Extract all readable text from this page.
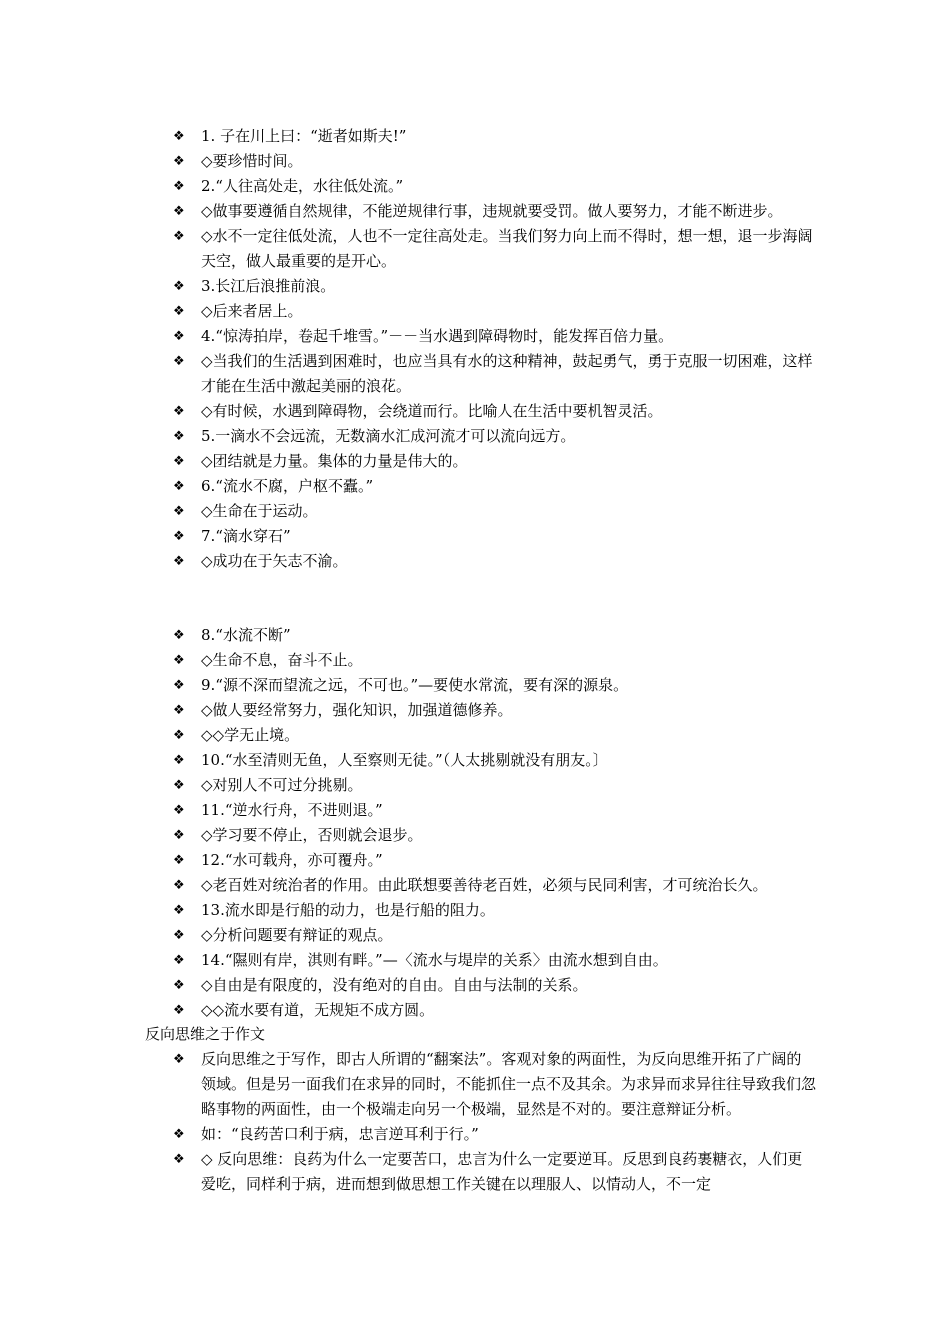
❖	1. 子在川上曰：“逝者如斯夫!”
❖	◇要珍惜时间。
❖	2.“人往高处走，水往低处流。”
❖	◇做事要遵循自然规律，不能逆规律行事，违规就要受罚。做人要努力，才能不断进步。
❖	◇水不一定往低处流，人也不一定往高处走。当我们努力向上而不得时，想一想，退一步海阔天空，做人最重要的是开心。
❖	3.长江后浪推前浪。
❖	◇后来者居上。
❖	4.“惊涛拍岸，卷起千堆雪。”－－当水遇到障碍物时，能发挥百倍力量。
❖	◇当我们的生活遇到困难时，也应当具有水的这种精神，鼓起勇气，勇于克服一切困难，这样才能在生活中激起美丽的浪花。
❖	◇有时候，水遇到障碍物，会绕道而行。比喻人在生活中要机智灵活。
❖	5.一滴水不会远流，无数滴水汇成河流才可以流向远方。
❖	◇团结就是力量。集体的力量是伟大的。
❖	6.“流水不腐，户枢不蠹。”
❖	◇生命在于运动。
❖	7.“滴水穿石”
❖	◇成功在于矢志不渝。
❖	8.“水流不断”
❖	◇生命不息，奋斗不止。
❖	9.“源不深而望流之远，不可也。”—要使水常流，要有深的源泉。
❖	◇做人要经常努力，强化知识，加强道德修养。
❖	◇◇学无止境。
❖	10.“水至清则无鱼，人至察则无徒。”（人太挑剔就没有朋友。〕
❖	◇对别人不可过分挑剔。
❖	11.“逆水行舟，不进则退。”
❖	◇学习要不停止，否则就会退步。
❖	12.“水可载舟，亦可覆舟。”
❖	◇老百姓对统治者的作用。由此联想要善待老百姓，必须与民同利害，才可统治长久。
❖	13.流水即是行船的动力，也是行船的阻力。
❖	◇分析问题要有辩证的观点。
❖	14.“隰则有岸，淇则有畔。”—〈流水与堤岸的关系〉由流水想到自由。
❖	◇自由是有限度的，没有绝对的自由。自由与法制的关系。
❖	◇◇流水要有道，无规矩不成方圆。
反向思维之于作文
❖	反向思维之于写作，即古人所谓的“翻案法”。客观对象的两面性，为反向思维开拓了广阔的领域。但是另一面我们在求异的同时，不能抓住一点不及其余。为求异而求异往往导致我们忽略事物的两面性，由一个极端走向另一个极端，显然是不对的。要注意辩证分析。
❖	如：“良药苦口利于病，忠言逆耳利于行。”
❖	◇ 反向思维：良药为什么一定要苦口，忠言为什么一定要逆耳。反思到良药裹糖衣，人们更爱吃，同样利于病，进而想到做思想工作关键在以理服人、以情动人，不一定
